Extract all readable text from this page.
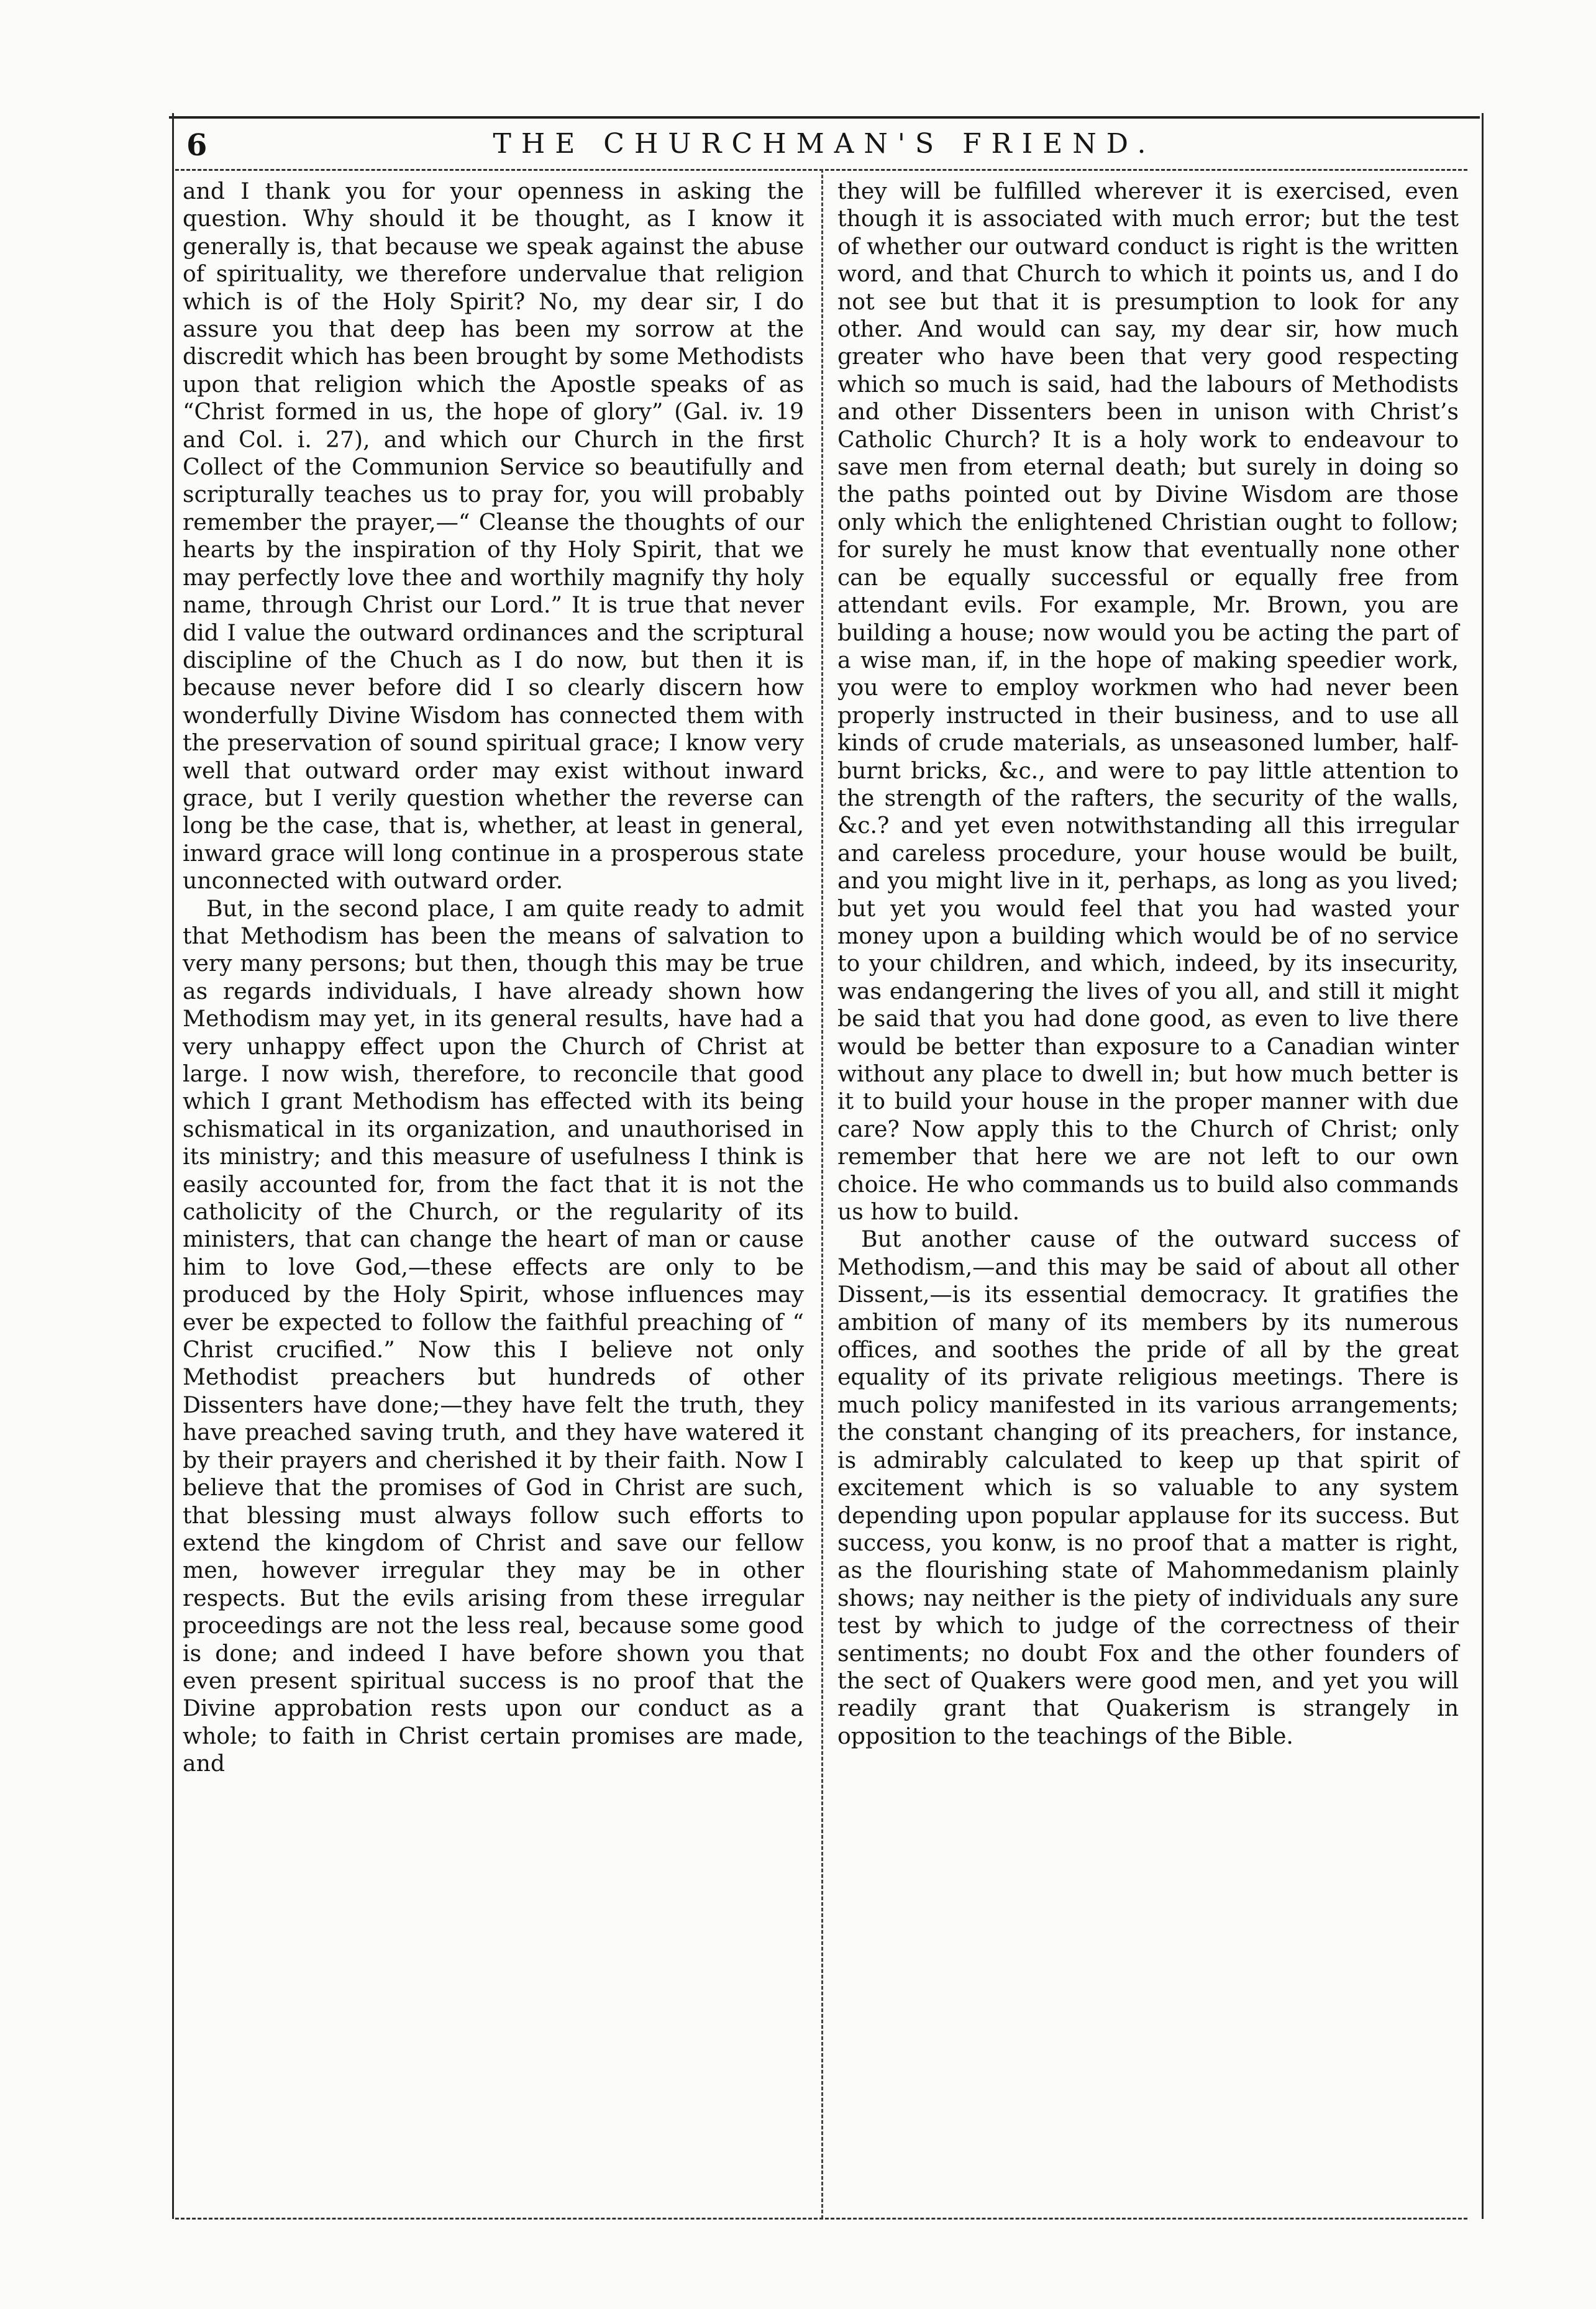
6	THE CHURCHMAN'S FRIEND.

and I thank you for your openness in asking the question. Why should it be thought, as I know it generally is, that because we speak against the abuse of spirituality, we therefore undervalue that religion which is of the Holy Spirit? No, my dear sir, I do assure you that deep has been my sorrow at the discredit which has been brought by some Methodists upon that religion which the Apostle speaks of as “Christ formed in us, the hope of glory” (Gal. iv. 19 and Col. i. 27), and which our Church in the first Collect of the Communion Service so beautifully and scripturally teaches us to pray for, you will probably remember the prayer,—“ Cleanse the thoughts of our hearts by the inspiration of thy Holy Spirit, that we may perfectly love thee and worthily magnify thy holy name, through Christ our Lord.” It is true that never did I value the outward ordinances and the scriptural discipline of the Chuch as I do now, but then it is because never before did I so clearly discern how wonderfully Divine Wisdom has connected them with the preservation of sound spiritual grace; I know very well that outward order may exist without inward grace, but I verily question whether the reverse can long be the case, that is, whether, at least in general, inward grace will long continue in a prosperous state unconnected with outward order.

But, in the second place, I am quite ready to admit that Methodism has been the means of salvation to very many persons; but then, though this may be true as regards individuals, I have already shown how Methodism may yet, in its general results, have had a very unhappy effect upon the Church of Christ at large. I now wish, therefore, to reconcile that good which I grant Methodism has effected with its being schismatical in its organization, and unauthorised in its ministry; and this measure of usefulness I think is easily accounted for, from the fact that it is not the catholicity of the Church, or the regularity of its ministers, that can change the heart of man or cause him to love God,—these effects are only to be produced by the Holy Spirit, whose influences may ever be expected to follow the faithful preaching of “ Christ crucified.” Now this I believe not only Methodist preachers but hundreds of other Dissenters have done;—they have felt the truth, they have preached saving truth, and they have watered it by their prayers and cherished it by their faith. Now I believe that the promises of God in Christ are such, that blessing must always follow such efforts to extend the kingdom of Christ and save our fellow men, however irregular they may be in other respects. But the evils arising from these irregular proceedings are not the less real, because some good is done; and indeed I have before shown you that even present spiritual success is no proof that the Divine approbation rests upon our conduct as a whole; to faith in Christ certain promises are made, and

they will be fulfilled wherever it is exercised, even though it is associated with much error; but the test of whether our outward conduct is right is the written word, and that Church to which it points us, and I do not see but that it is presumption to look for any other. And would can say, my dear sir, how much greater who have been that very good respecting which so much is said, had the labours of Methodists and other Dissenters been in unison with Christ’s Catholic Church? It is a holy work to endeavour to save men from eternal death; but surely in doing so the paths pointed out by Divine Wisdom are those only which the enlightened Christian ought to follow; for surely he must know that eventually none other can be equally successful or equally free from attendant evils. For example, Mr. Brown, you are building a house; now would you be acting the part of a wise man, if, in the hope of making speedier work, you were to employ workmen who had never been properly instructed in their business, and to use all kinds of crude materials, as unseasoned lumber, half-burnt bricks, &c., and were to pay little attention to the strength of the rafters, the security of the walls, &c.? and yet even notwithstanding all this irregular and careless procedure, your house would be built, and you might live in it, perhaps, as long as you lived; but yet you would feel that you had wasted your money upon a building which would be of no service to your children, and which, indeed, by its insecurity, was endangering the lives of you all, and still it might be said that you had done good, as even to live there would be better than exposure to a Canadian winter without any place to dwell in; but how much better is it to build your house in the proper manner with due care? Now apply this to the Church of Christ; only remember that here we are not left to our own choice. He who commands us to build also commands us how to build.

But another cause of the outward success of Methodism,—and this may be said of about all other Dissent,—is its essential democracy. It gratifies the ambition of many of its members by its numerous offices, and soothes the pride of all by the great equality of its private religious meetings. There is much policy manifested in its various arrangements; the constant changing of its preachers, for instance, is admirably calculated to keep up that spirit of excitement which is so valuable to any system depending upon popular applause for its success. But success, you konw, is no proof that a matter is right, as the flourishing state of Mahommedanism plainly shows; nay neither is the piety of individuals any sure test by which to judge of the correctness of their sentiments; no doubt Fox and the other founders of the sect of Quakers were good men, and yet you will readily grant that Quakerism is strangely in opposition to the teachings of the Bible.
